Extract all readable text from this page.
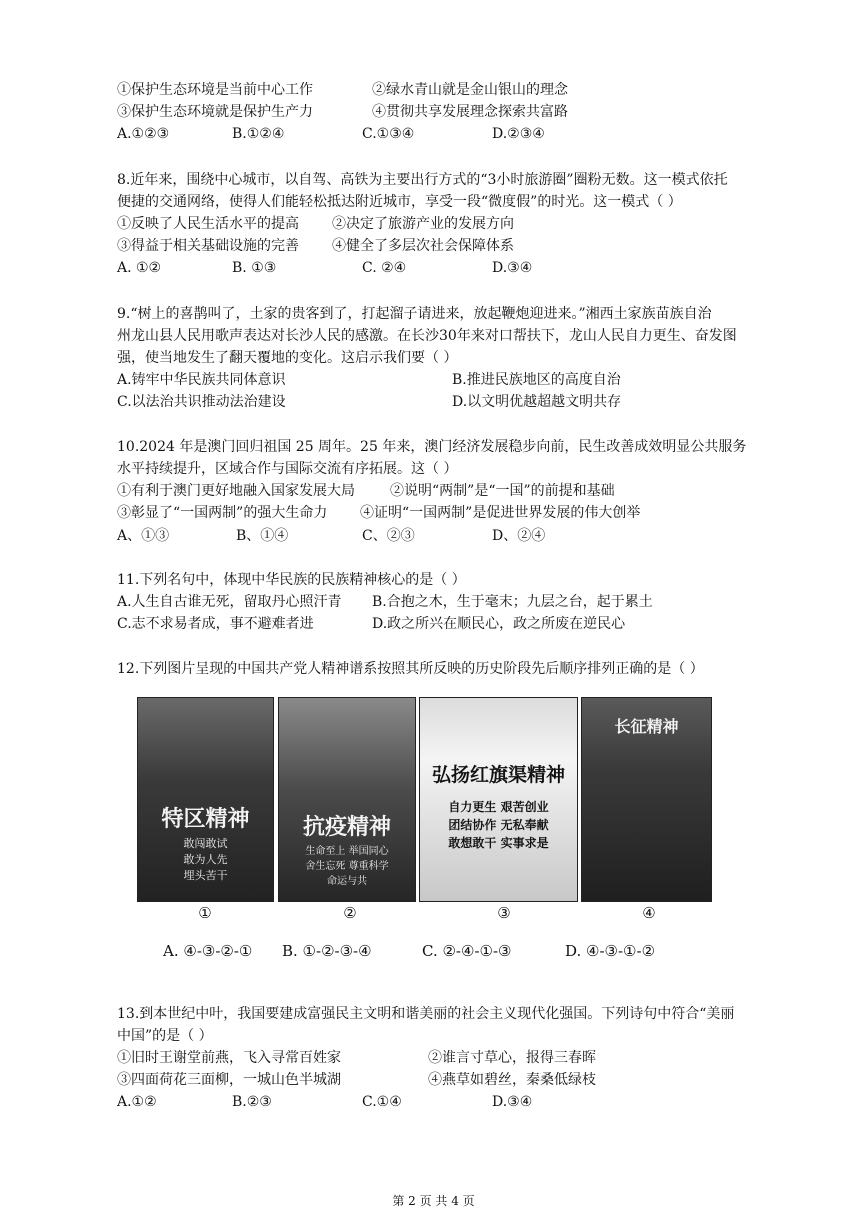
①保护生态环境是当前中心工作	②绿水青山就是金山银山的理念
③保护生态环境就是保护生产力	④贯彻共享发展理念探索共富路
A.①②③	B.①②④	C.①③④	D.②③④
8.近年来，围绕中心城市，以自驾、高铁为主要出行方式的“3小时旅游圈”圈粉无数。这一模式依托
便捷的交通网络，使得人们能轻松抵达附近城市，享受一段“微度假”的时光。这一模式（ ）
①反映了人民生活水平的提高 ②决定了旅游产业的发展方向
③得益于相关基础设施的完善 ④健全了多层次社会保障体系
A. ①②	B. ①③	C. ②④	D.③④
9.“树上的喜鹊叫了，土家的贵客到了，打起溜子请进来，放起鞭炮迎进来。”湘西土家族苗族自治
州龙山县人民用歌声表达对长沙人民的感激。在长沙30年来对口帮扶下，龙山人民自力更生、奋发图
强，使当地发生了翻天覆地的变化。这启示我们要（ ）
A.铸牢中华民族共同体意识	B.推进民族地区的高度自治
C.以法治共识推动法治建设	D.以文明优越超越文明共存
10.2024 年是澳门回归祖国 25 周年。25 年来，澳门经济发展稳步向前，民生改善成效明显公共服务
水平持续提升，区域合作与国际交流有序拓展。这（ ）
①有利于澳门更好地融入国家发展大局	②说明“两制”是“一国”的前提和基础
③彰显了“一国两制”的强大生命力 ④证明“一国两制”是促进世界发展的伟大创举
A、①③	B、①④	C、②③	D、②④
11.下列名句中，体现中华民族的民族精神核心的是（ ）
A.人生自古谁无死，留取丹心照汗青 B.合抱之木，生于毫末；九层之台，起于累土
C.志不求易者成，事不避难者进	D.政之所兴在顺民心，政之所废在逆民心
12.下列图片呈现的中国共产党人精神谱系按照其所反映的历史阶段先后顺序排列正确的是（ ）
特区精神
敢闯敢试
敢为人先
埋头苦干
抗疫精神
生命至上 举国同心
舍生忘死 尊重科学
命运与共
弘扬红旗渠精神
自力更生 艰苦创业
团结协作 无私奉献
敢想敢干 实事求是
长征精神
①	②	③	④
A. ④-③-②-① B. ①-②-③-④	C. ②-④-①-③	D. ④-③-①-②
13.到本世纪中叶，我国要建成富强民主文明和谐美丽的社会主义现代化强国。下列诗句中符合“美丽
中国”的是（ ）
①旧时王谢堂前燕，飞入寻常百姓家	②谁言寸草心，报得三春晖
③四面荷花三面柳，一城山色半城湖	④燕草如碧丝，秦桑低绿枝
A.①②	B.②③	C.①④	D.③④
第 2 页 共 4 页
